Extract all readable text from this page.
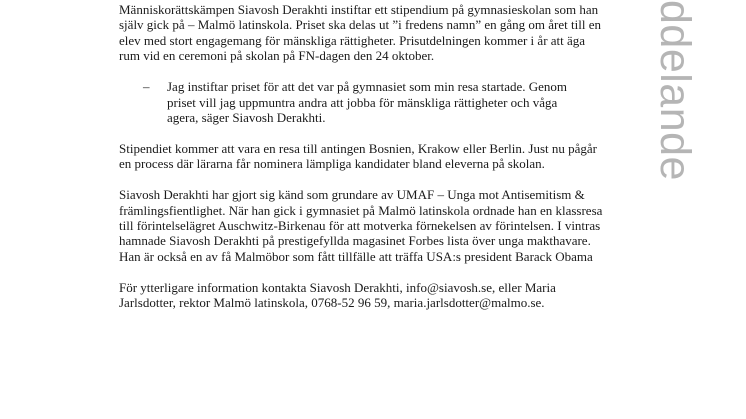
Människorättskämpen Siavosh Derakhti instiftar ett stipendium på gymnasieskolan som han själv gick på – Malmö latinskola. Priset ska delas ut ”i fredens namn” en gång om året till en elev med stort engagemang för mänskliga rättigheter. Prisutdelningen kommer i år att äga rum vid en ceremoni på skolan på FN-dagen den 24 oktober.

–	Jag instiftar priset för att det var på gymnasiet som min resa startade. Genom priset vill jag uppmuntra andra att jobba för mänskliga rättigheter och våga agera, säger Siavosh Derakhti.

Stipendiet kommer att vara en resa till antingen Bosnien, Krakow eller Berlin. Just nu pågår en process där lärarna får nominera lämpliga kandidater bland eleverna på skolan.

Siavosh Derakhti har gjort sig känd som grundare av UMAF – Unga mot Antisemitism & främlingsfientlighet. När han gick i gymnasiet på Malmö latinskola ordnade han en klassresa till förintelselägret Auschwitz-Birkenau för att motverka förnekelsen av förintelsen. I vintras hamnade Siavosh Derakhti på prestigefyllda magasinet Forbes lista över unga makthavare. Han är också en av få Malmöbor som fått tillfälle att träffa USA:s president Barack Obama

För ytterligare information kontakta Siavosh Derakhti, info@siavosh.se, eller Maria Jarlsdotter, rektor Malmö latinskola, 0768-52 96 59, maria.jarlsdotter@malmo.se.

ddelande
